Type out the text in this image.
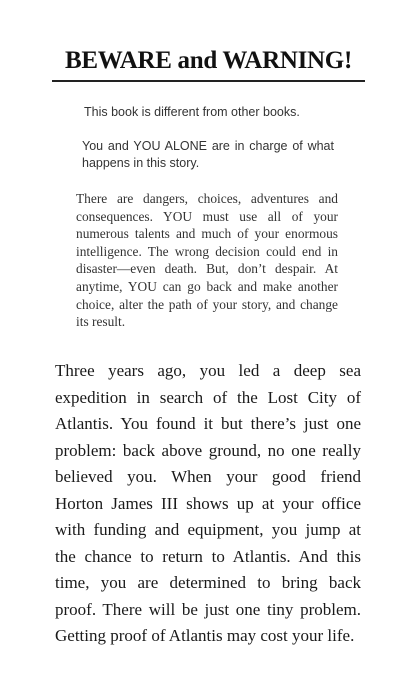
BEWARE and WARNING!

This book is different from other books.

You and YOU ALONE are in charge of what happens in this story.

There are dangers, choices, adventures and consequences. YOU must use all of your numerous talents and much of your enormous intelligence. The wrong decision could end in disaster—even death. But, don’t despair. At anytime, YOU can go back and make another choice, alter the path of your story, and change its result.

Three years ago, you led a deep sea expedition in search of the Lost City of Atlantis. You found it but there’s just one problem: back above ground, no one really believed you. When your good friend Horton James III shows up at your office with funding and equipment, you jump at the chance to return to Atlantis. And this time, you are determined to bring back proof. There will be just one tiny problem. Getting proof of Atlantis may cost your life.
